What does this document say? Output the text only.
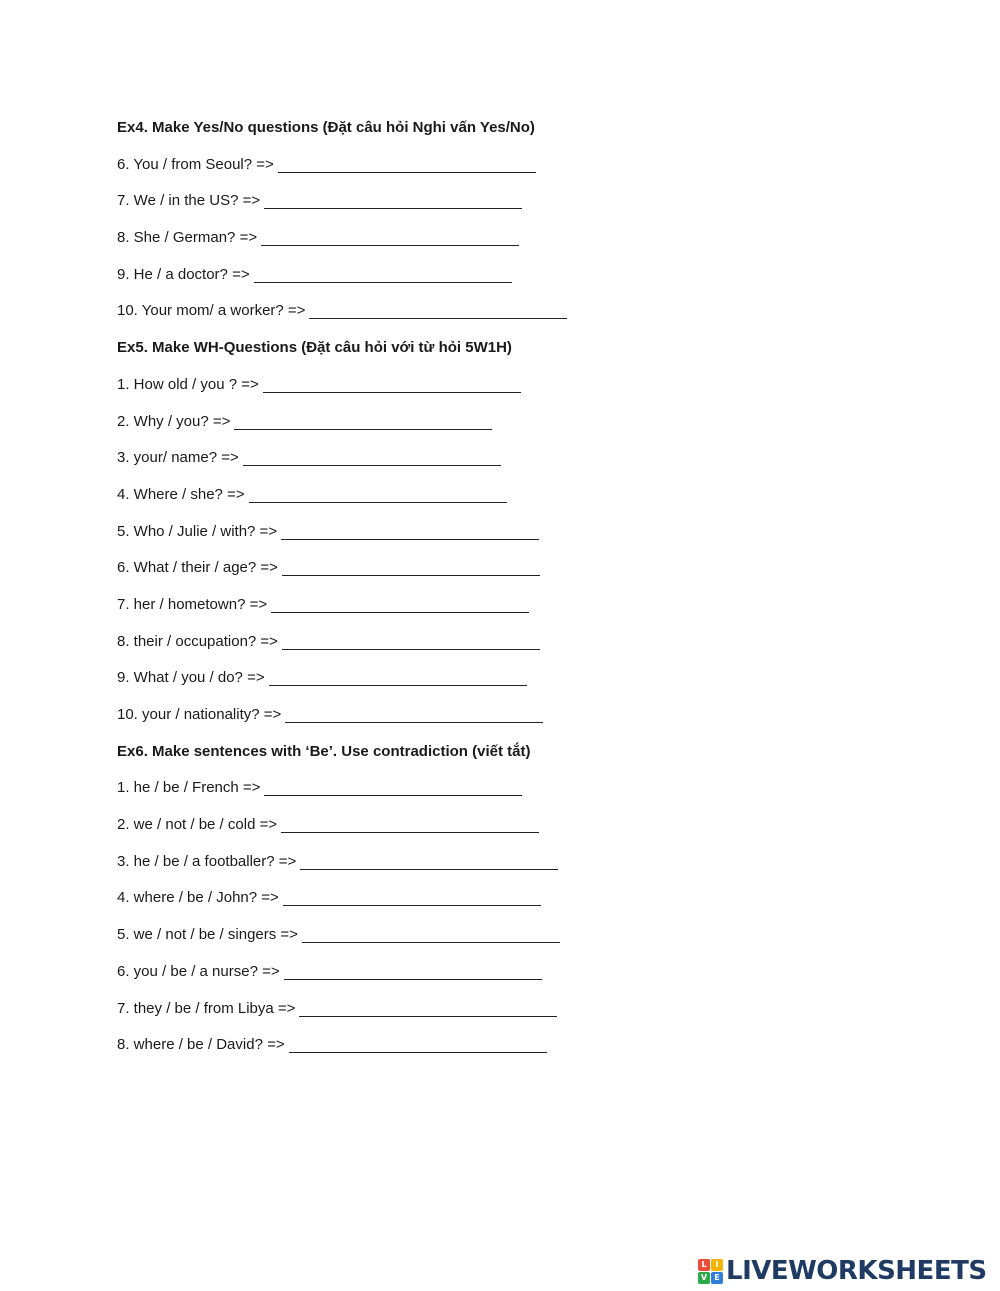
Ex4. Make Yes/No questions (Đặt câu hỏi Nghi vấn Yes/No)
6. You / from Seoul? =>
7. We / in the US? =>
8. She / German? =>
9. He / a doctor? =>
10. Your mom/ a worker? =>
Ex5. Make WH-Questions (Đặt câu hỏi với từ hỏi 5W1H)
1. How old / you ? =>
2. Why / you? =>
3. your/ name? =>
4. Where / she? =>
5. Who / Julie / with? =>
6. What / their / age? =>
7. her / hometown? =>
8. their / occupation? =>
9. What / you / do? =>
10. your / nationality? =>
Ex6. Make sentences with ‘Be’. Use contradiction (viết tắt)
1. he / be / French =>
2. we / not / be / cold =>
3. he / be / a footballer? =>
4. where / be / John? =>
5. we / not / be / singers =>
6. you / be / a nurse? =>
7. they / be / from Libya =>
8. where / be / David? =>
L	I
V E LIVEWORKSHEETS
